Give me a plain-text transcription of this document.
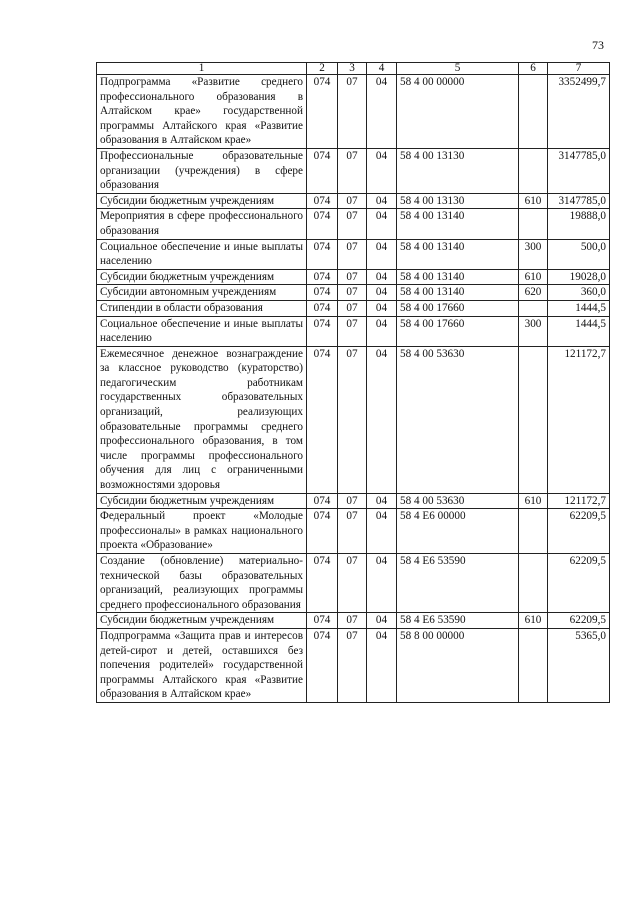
73
1	2	3	4	5	6	7
Подпрограмма «Развитие среднего профессионального образования в Алтайском крае» государственной программы Алтайского края «Развитие образования в Алтайском крае»	074	07	04	58 4 00 00000		3352499,7
Профессиональные образовательные организации (учреждения) в сфере образования	074	07	04	58 4 00 13130		3147785,0
Субсидии бюджетным учреждениям	074	07	04	58 4 00 13130	610	3147785,0
Мероприятия в сфере профессионального образования	074	07	04	58 4 00 13140		19888,0
Социальное обеспечение и иные выплаты населению	074	07	04	58 4 00 13140	300	500,0
Субсидии бюджетным учреждениям	074	07	04	58 4 00 13140	610	19028,0
Субсидии автономным учреждениям	074	07	04	58 4 00 13140	620	360,0
Стипендии в области образования	074	07	04	58 4 00 17660		1444,5
Социальное обеспечение и иные выплаты населению	074	07	04	58 4 00 17660	300	1444,5
Ежемесячное денежное вознаграждение за классное руководство (кураторство) педагогическим работникам государственных образовательных организаций, реализующих образовательные программы среднего профессионального образования, в том числе программы профессионального обучения для лиц с ограниченными возможностями здоровья	074	07	04	58 4 00 53630		121172,7
Субсидии бюджетным учреждениям	074	07	04	58 4 00 53630	610	121172,7
Федеральный проект «Молодые профессионалы» в рамках национального проекта «Образование»	074	07	04	58 4 E6 00000		62209,5
Создание (обновление) материально-технической базы образовательных организаций, реализующих программы среднего профессионального образования	074	07	04	58 4 E6 53590		62209,5
Субсидии бюджетным учреждениям	074	07	04	58 4 E6 53590	610	62209,5
Подпрограмма «Защита прав и интересов детей-сирот и детей, оставшихся без попечения родителей» государственной программы Алтайского края «Развитие образования в Алтайском крае»	074	07	04	58 8 00 00000		5365,0
